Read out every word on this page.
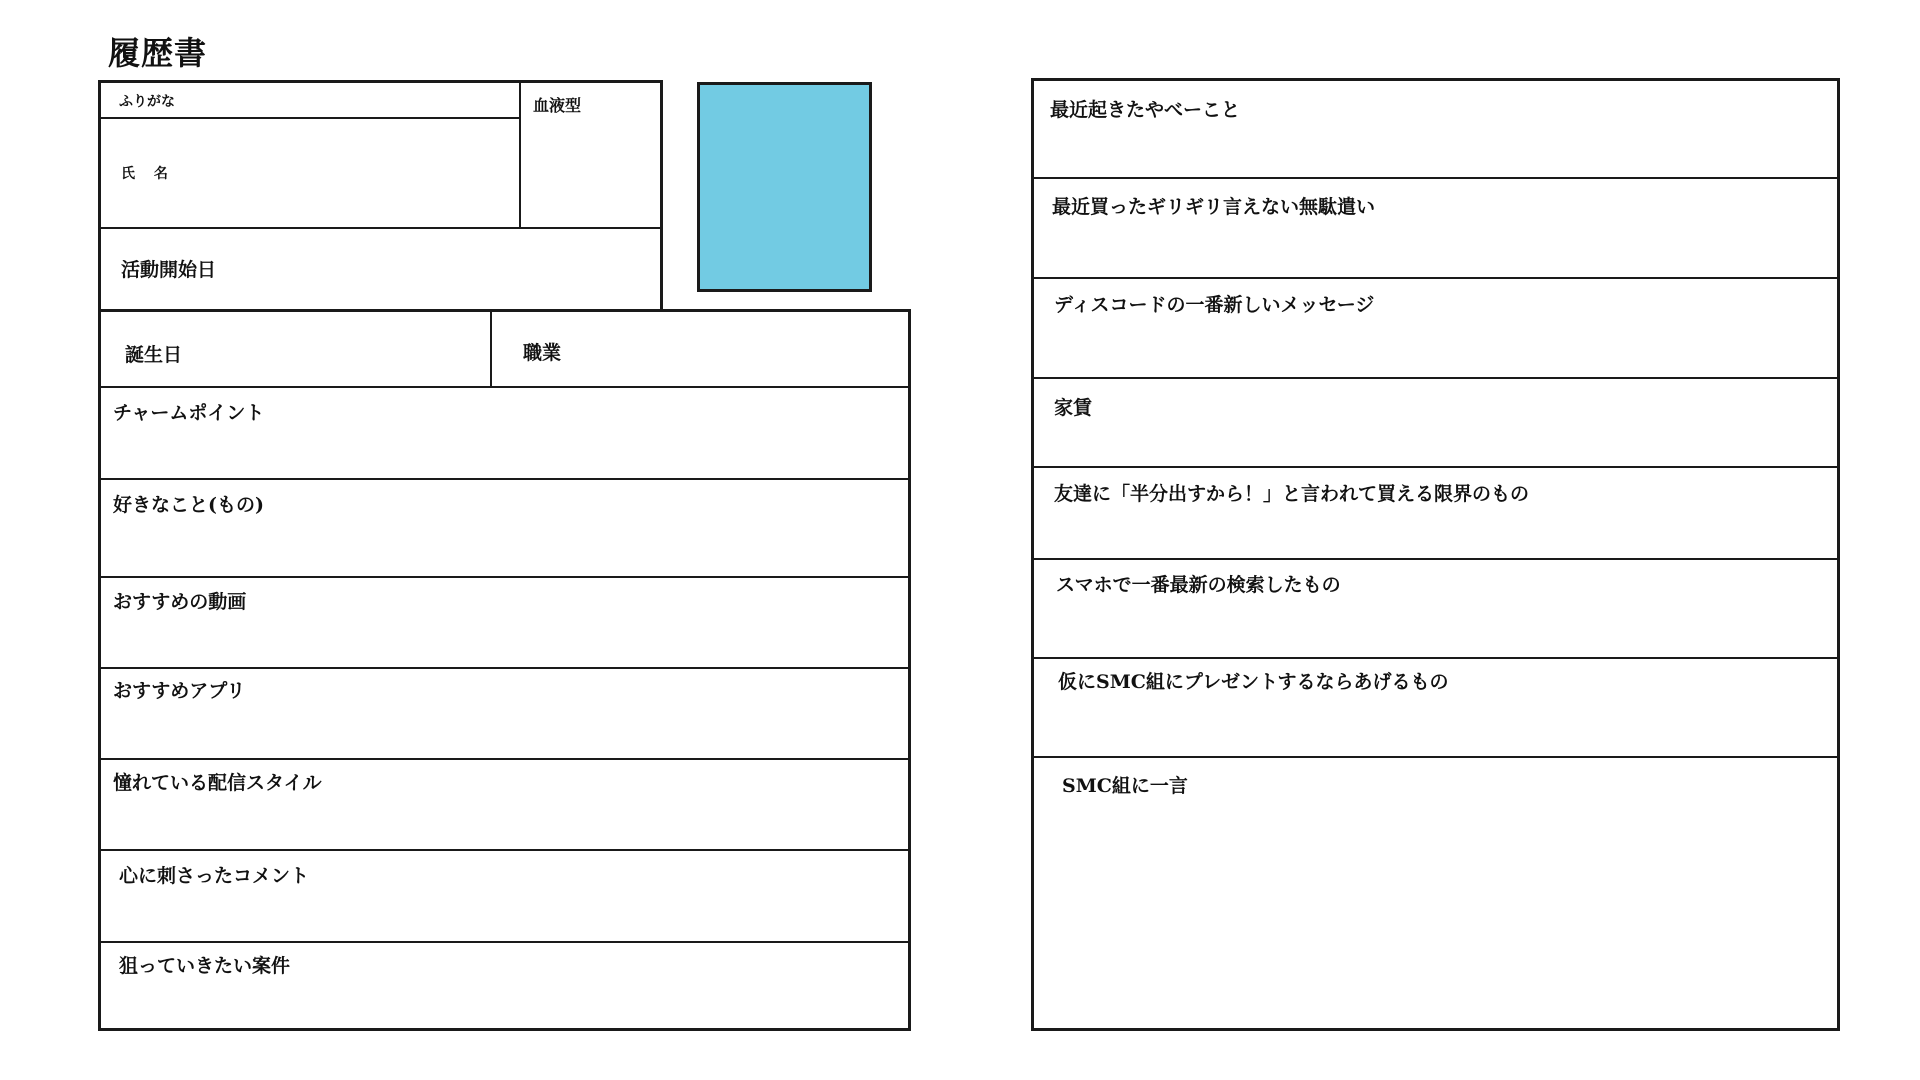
履歴書
ふりがな
氏　 名
血液型
活動開始日
誕生日	職業
チャームポイント
好きなこと(もの)
おすすめの動画
おすすめアプリ
憧れている配信スタイル
心に刺さったコメント
狙っていきたい案件
最近起きたやべーこと
最近買ったギリギリ言えない無駄遣い
ディスコードの一番新しいメッセージ
家賃
友達に「半分出すから！」と言われて買える限界のもの
スマホで一番最新の検索したもの
仮にSMC組にプレゼントするならあげるもの
SMC組に一言
